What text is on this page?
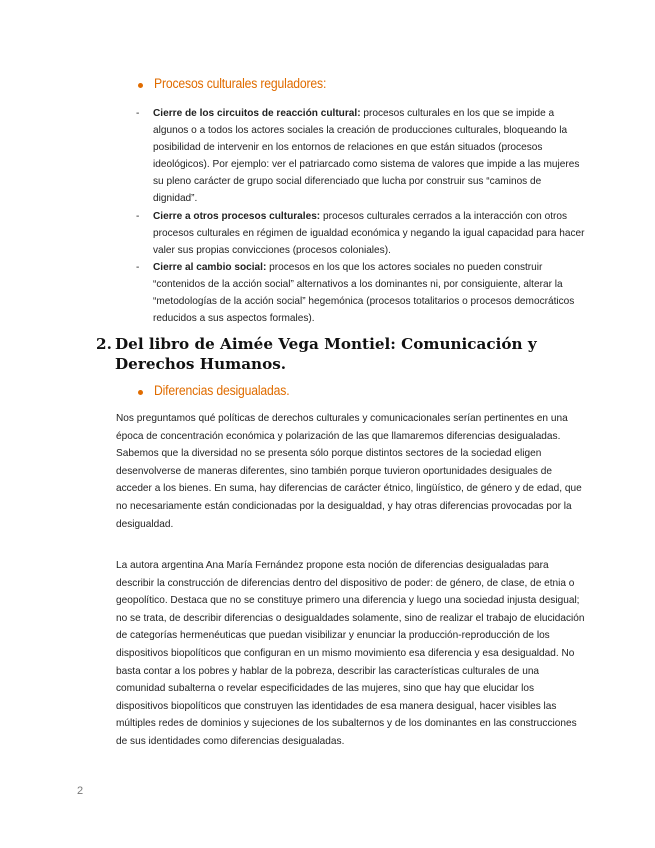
Procesos culturales reguladores:
- Cierre de los circuitos de reacción cultural: procesos culturales en los que se impide a algunos o a todos los actores sociales la creación de producciones culturales, bloqueando la posibilidad de intervenir en los entornos de relaciones en que están situados (procesos ideológicos). Por ejemplo: ver el patriarcado como sistema de valores que impide a las mujeres su pleno carácter de grupo social diferenciado que lucha por construir sus “caminos de dignidad”.
- Cierre a otros procesos culturales: procesos culturales cerrados a la interacción con otros procesos culturales en régimen de igualdad económica y negando la igual capacidad para hacer valer sus propias convicciones (procesos coloniales).
- Cierre al cambio social: procesos en los que los actores sociales no pueden construir “contenidos de la acción social” alternativos a los dominantes ni, por consiguiente, alterar la “metodologías de la acción social” hegemónica (procesos totalitarios o procesos democráticos reducidos a sus aspectos formales).
2. Del libro de Aimée Vega Montiel: Comunicación y Derechos Humanos.
Diferencias desigualadas.

Nos preguntamos qué políticas de derechos culturales y comunicacionales serían pertinentes en una época de concentración económica y polarización de las que llamaremos diferencias desigualadas. Sabemos que la diversidad no se presenta sólo porque distintos sectores de la sociedad eligen desenvolverse de maneras diferentes, sino también porque tuvieron oportunidades desiguales de acceder a los bienes. En suma, hay diferencias de carácter étnico, lingüístico, de género y de edad, que no necesariamente están condicionadas por la desigualdad, y hay otras diferencias provocadas por la desigualdad.

La autora argentina Ana María Fernández propone esta noción de diferencias desigualadas para describir la construcción de diferencias dentro del dispositivo de poder: de género, de clase, de etnia o geopolítico. Destaca que no se constituye primero una diferencia y luego una sociedad injusta desigual; no se trata, de describir diferencias o desigualdades solamente, sino de realizar el trabajo de elucidación de categorías hermenéuticas que puedan visibilizar y enunciar la producción-reproducción de los dispositivos biopolíticos que configuran en un mismo movimiento esa diferencia y esa desigualdad. No basta contar a los pobres y hablar de la pobreza, describir las características culturales de una comunidad subalterna o revelar especificidades de las mujeres, sino que hay que elucidar los dispositivos biopolíticos que construyen las identidades de esa manera desigual, hacer visibles las múltiples redes de dominios y sujeciones de los subalternos y de los dominantes en las construcciones de sus identidades como diferencias desigualadas.

2
